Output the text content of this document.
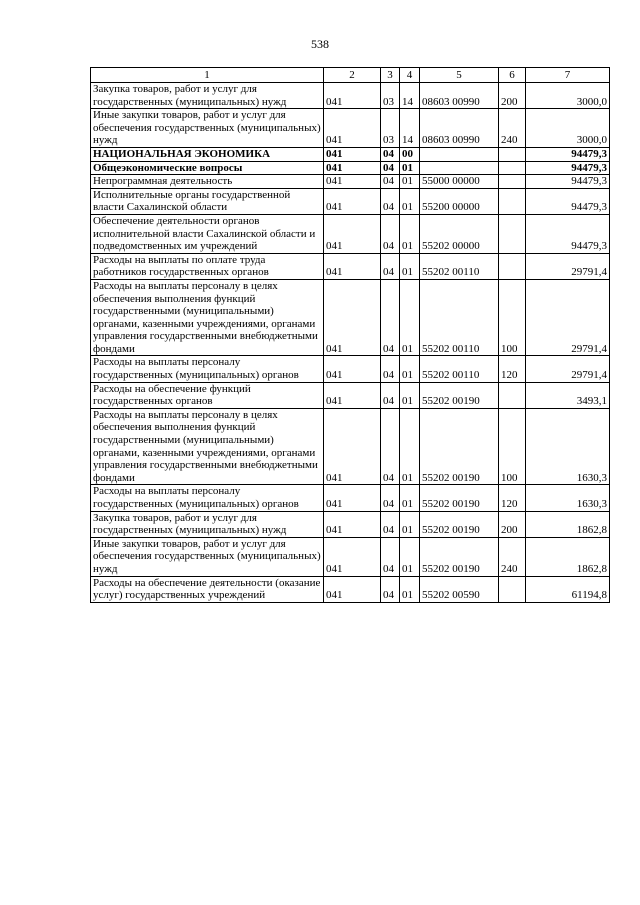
538
1	2	3	4	5	6	7
Закупка товаров, работ и услуг для государственных (муниципальных) нужд	041	03	14	08603 00990	200	3000,0
Иные закупки товаров, работ и услуг для обеспечения государственных (муниципальных) нужд	041	03	14	08603 00990	240	3000,0
НАЦИОНАЛЬНАЯ ЭКОНОМИКА	041	04	00			94479,3
Общеэкономические вопросы	041	04	01			94479,3
Непрограммная деятельность	041	04	01	55000 00000		94479,3
Исполнительные органы государственной власти Сахалинской области	041	04	01	55200 00000		94479,3
Обеспечение деятельности органов исполнительной власти Сахалинской области и подведомственных им учреждений	041	04	01	55202 00000		94479,3
Расходы на выплаты по оплате труда работников государственных органов	041	04	01	55202 00110		29791,4
Расходы на выплаты персоналу в целях обеспечения выполнения функций государственными (муниципальными) органами, казенными учреждениями, органами управления государственными внебюджетными фондами	041	04	01	55202 00110	100	29791,4
Расходы на выплаты персоналу государственных (муниципальных) органов	041	04	01	55202 00110	120	29791,4
Расходы на обеспечение функций государственных органов	041	04	01	55202 00190		3493,1
Расходы на выплаты персоналу в целях обеспечения выполнения функций государственными (муниципальными) органами, казенными учреждениями, органами управления государственными внебюджетными фондами	041	04	01	55202 00190	100	1630,3
Расходы на выплаты персоналу государственных (муниципальных) органов	041	04	01	55202 00190	120	1630,3
Закупка товаров, работ и услуг для государственных (муниципальных) нужд	041	04	01	55202 00190	200	1862,8
Иные закупки товаров, работ и услуг для обеспечения государственных (муниципальных) нужд	041	04	01	55202 00190	240	1862,8
Расходы на обеспечение деятельности (оказание услуг) государственных учреждений	041	04	01	55202 00590		61194,8
